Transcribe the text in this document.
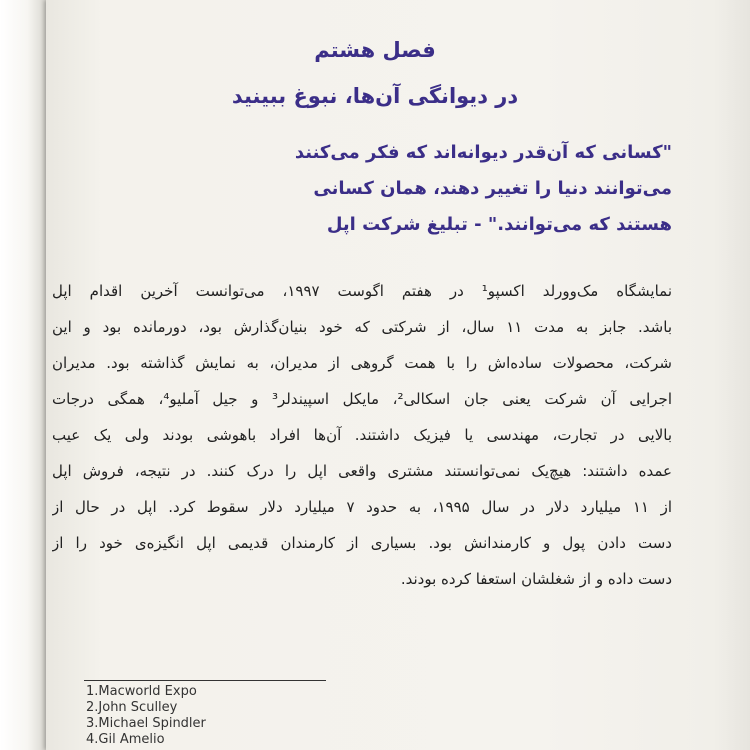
فصل هشتم
در دیوانگی آن‌ها، نبوغ ببینید
"کسانی که آن‌قدر دیوانه‌اند که فکر می‌کنند
می‌توانند دنیا را تغییر دهند، همان کسانی
هستند که می‌توانند." - تبلیغ شرکت اپل
نمایشگاه مک‌وورلد اکسپو¹ در هفتم اگوست ۱۹۹۷، می‌توانست آخرین اقدام اپل
باشد. جابز به مدت ۱۱ سال، از شرکتی که خود بنیان‌گذارش بود، دورمانده بود و این
شرکت، محصولات ساده‌اش را با همت گروهی از مدیران، به نمایش گذاشته بود. مدیران
اجرایی آن شرکت یعنی جان اسکالی²، مایکل اسپیندلر³ و جیل آملیو⁴، همگی درجات
بالایی در تجارت، مهندسی یا فیزیک داشتند. آن‌ها افراد باهوشی بودند ولی یک عیب
عمده داشتند: هیچ‌یک نمی‌توانستند مشتری واقعی اپل را درک کنند. در نتیجه، فروش اپل
از ۱۱ میلیارد دلار در سال ۱۹۹۵، به حدود ۷ میلیارد دلار سقوط کرد. اپل در حال از
دست دادن پول و کارمندانش بود. بسیاری از کارمندان قدیمی اپل انگیزه‌ی خود را از
دست داده و از شغلشان استعفا کرده بودند.
1.Macworld Expo
2.John Sculley
3.Michael Spindler
4.Gil Amelio
